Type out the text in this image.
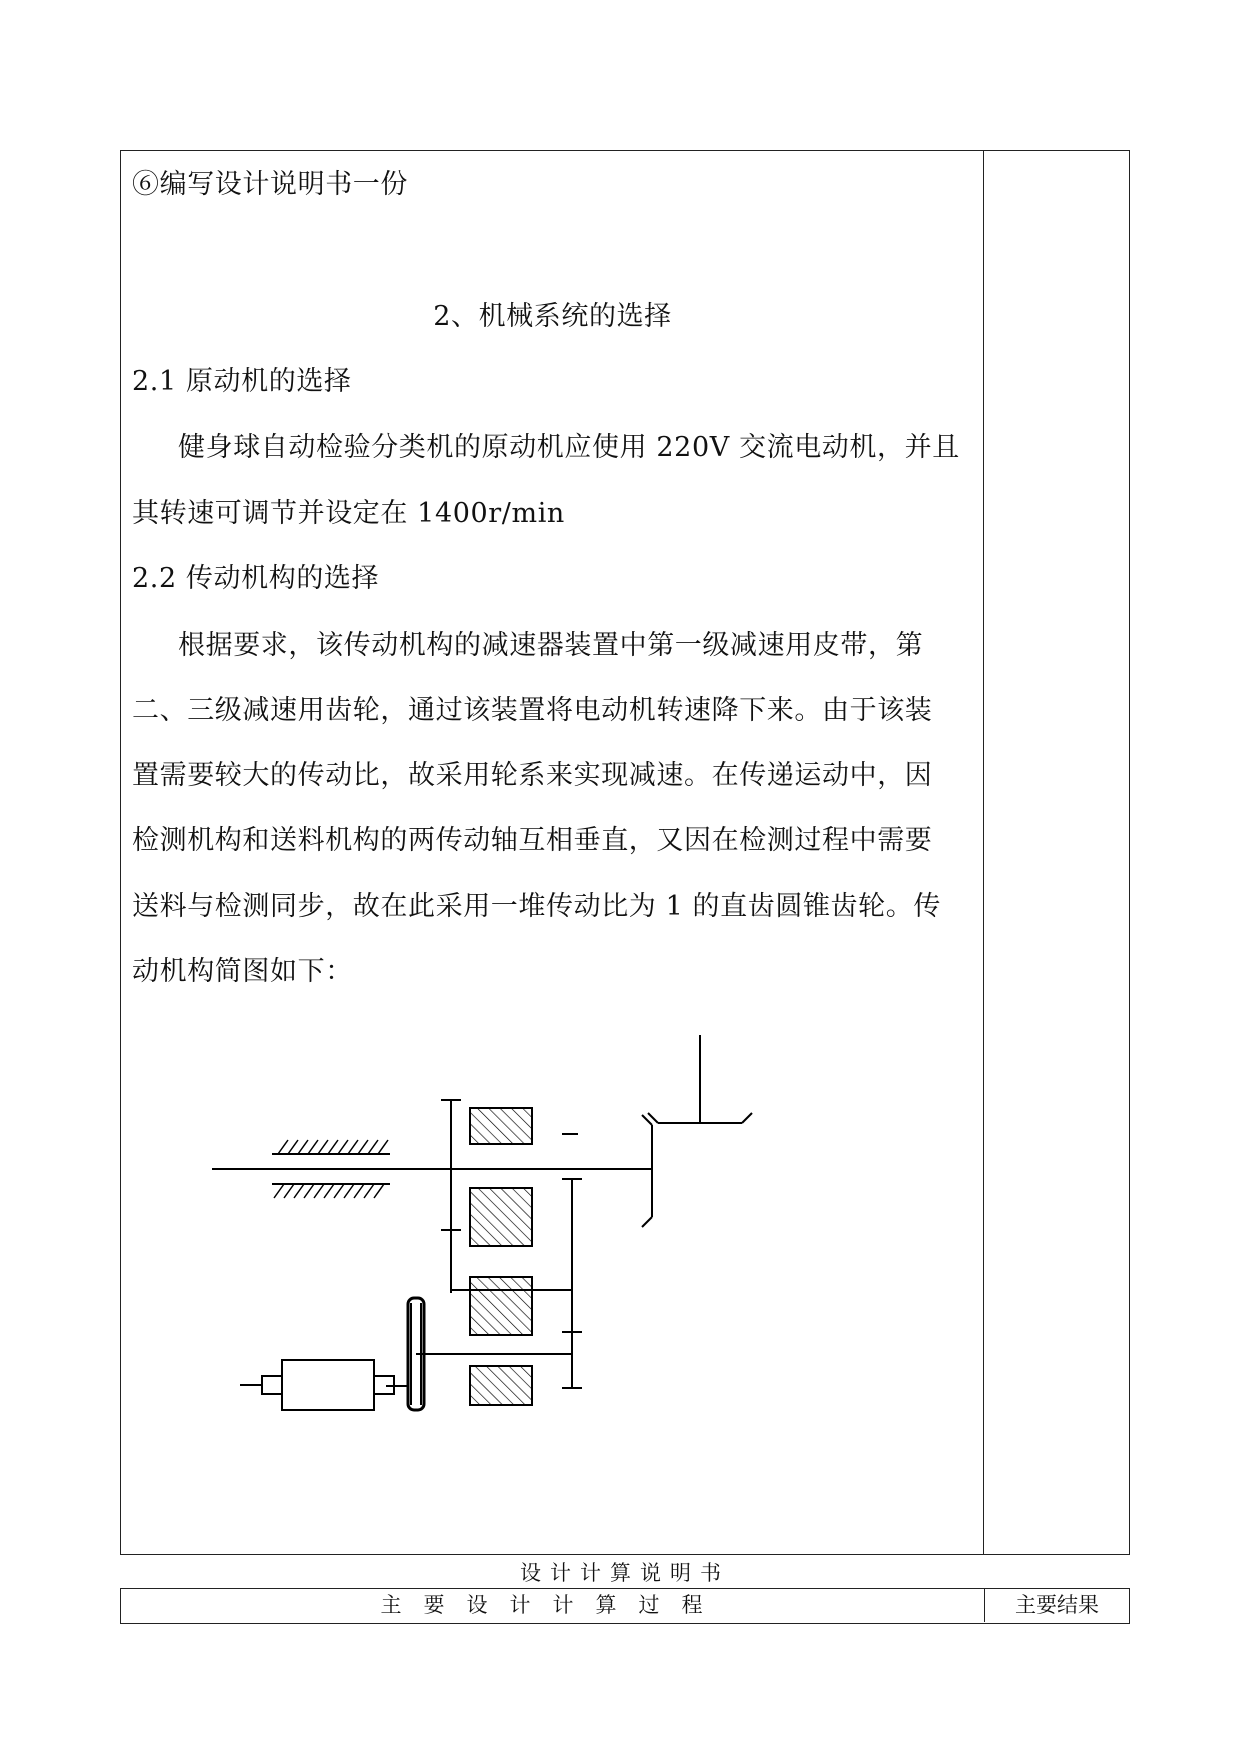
⑥编写设计说明书一份
2、机械系统的选择
2.1 原动机的选择
健身球自动检验分类机的原动机应使用 220V 交流电动机，并且
其转速可调节并设定在 1400r/min
2.2 传动机构的选择
根据要求，该传动机构的减速器装置中第一级减速用皮带，第
二、三级减速用齿轮，通过该装置将电动机转速降下来。由于该装
置需要较大的传动比，故采用轮系来实现减速。在传递运动中，因
检测机构和送料机构的两传动轴互相垂直，又因在检测过程中需要
送料与检测同步，故在此采用一堆传动比为 1 的直齿圆锥齿轮。传
动机构简图如下：
设计计算说明书
主要设计计算过程	主要结果
